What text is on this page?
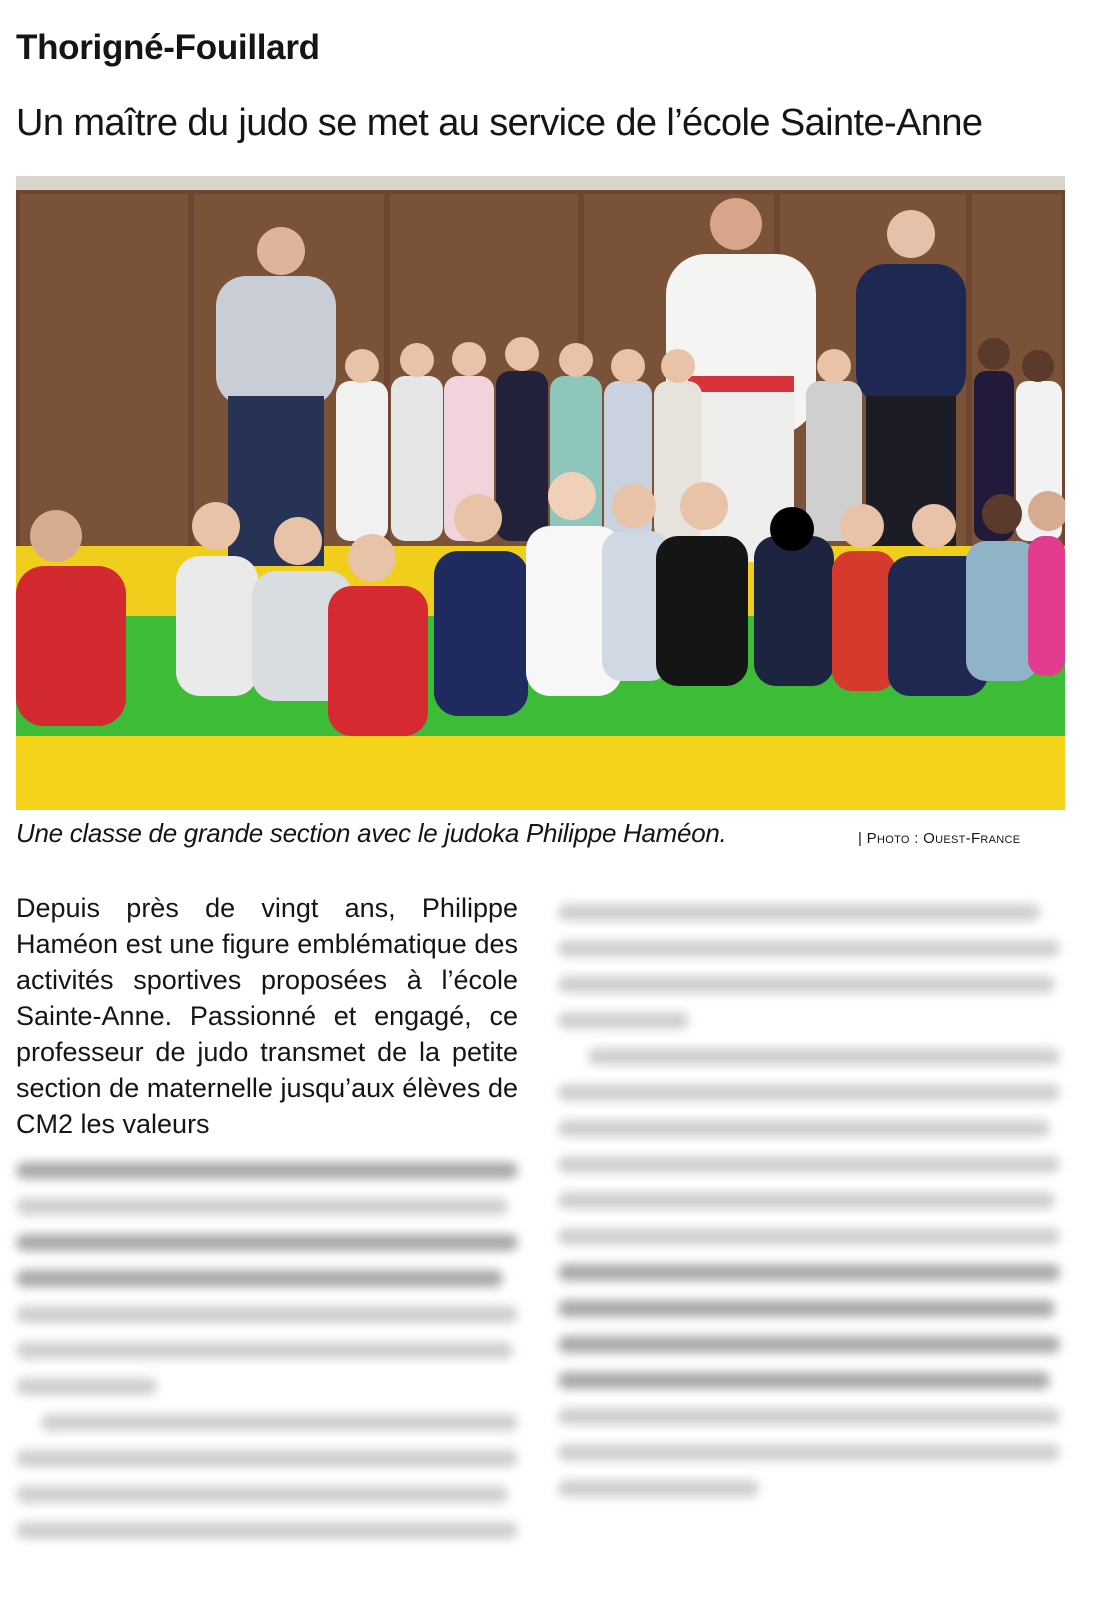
Thorigné-Fouillard
Un maître du judo se met au service de l’école Sainte-Anne
Une classe de grande section avec le judoka Philippe Haméon.	| Photo : Ouest-France

Depuis près de vingt ans, Philippe Haméon est une figure emblématique des activités sportives proposées à l’école Sainte-Anne. Passionné et engagé, ce professeur de judo transmet de la petite section de maternelle jusqu’aux élèves de CM2 les valeurs
